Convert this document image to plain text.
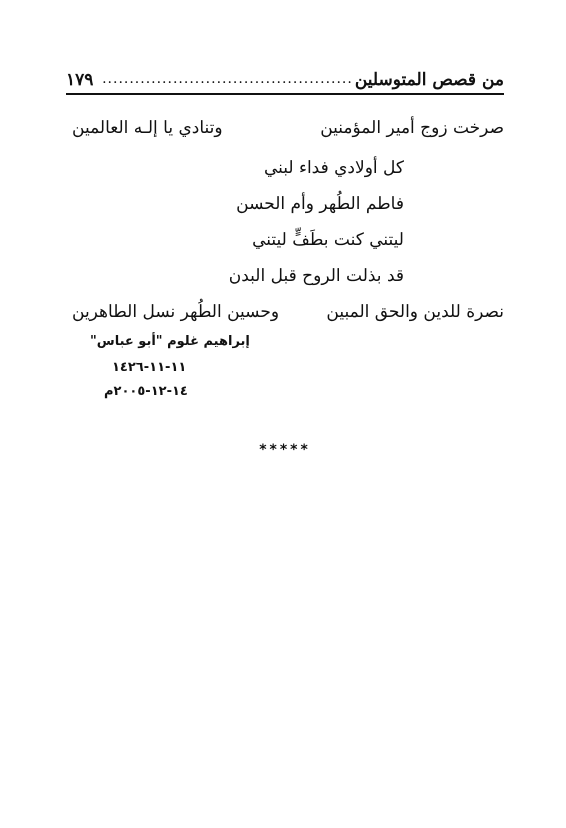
من قصص المتوسلين
..............................................
١٧٩
صرخت زوج أمير المؤمنين
وتنادي يا إلـه العالمين
كل أولادي فداء لبني
فاطم الطُهر وأم الحسن
ليتني كنت بطَفٍّ ليتني
قد بذلت الروح قبل البدن
نصرة للدين والحق المبين
وحسين الطُهر نسل الطاهرين
إبراهيم غلوم "أبو عباس"
١١-١١-١٤٢٦
١٤-١٢-٢٠٠٥م
*****
